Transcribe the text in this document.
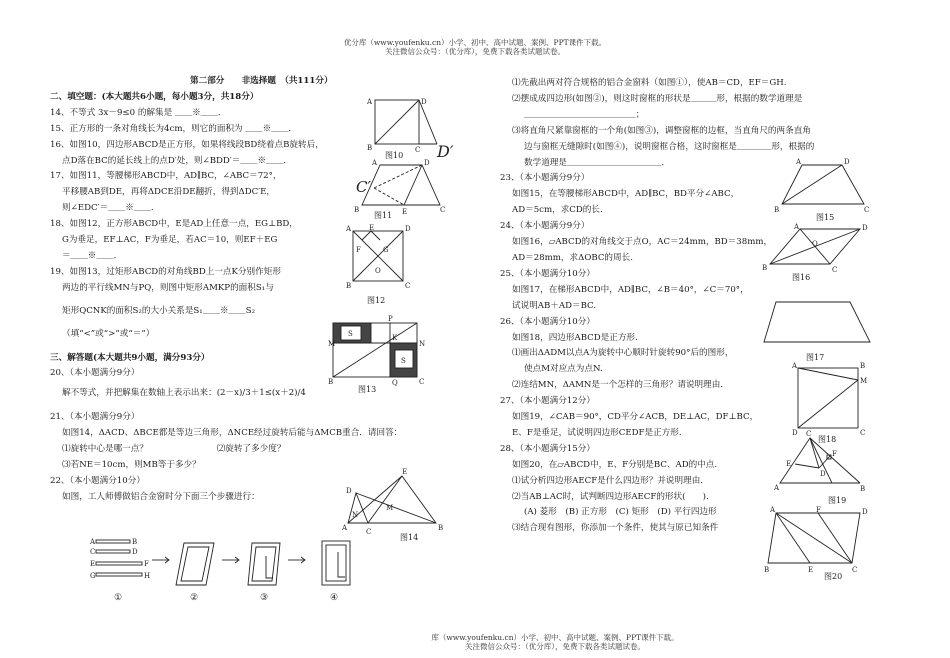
优分库（www.youfenku.cn）小学、初中、高中试题、案例、PPT课件下载。
关注微信公众号：（优分库），免费下载各类试题试卷。
第二部分　　非选择题　（共111分）
二、填空题：(本大题共6小题，每小题3分，共18分）
14、不等式 3x－9≤0 的解集是 ＿＿※＿＿．
15、正方形的一条对角线长为4cm，则它的面积为 ＿＿※＿＿．
16、如图10，四边形ABCD是正方形，如果将线段BD绕着点B旋转后，
点D落在BC的延长线上的点D′处，则∠BDD′＝＿＿※＿＿．
17、如图11，等腰梯形ABCD中，AD∥BC，∠ABC＝72°，
平移腰AB到DE，再将ΔDCE沿DE翻折，得到ΔDC′E，
则∠EDC′＝＿＿※＿＿．
18、如图12，正方形ABCD中，E是AD上任意一点，EG⊥BD，
G为垂足，EF⊥AC，F为垂足，若AC＝10，则EF＋EG
＝＿＿※＿＿．
19、如图13，过矩形ABCD的对角线BD上一点K分别作矩形
两边的平行线MN与PQ，则图中矩形AMKP的面积S₁与
矩形QCNK的面积S₂的大小关系是S₁＿＿※＿＿S₂
（填“<”或“>”或“＝”）
三、解答题(本大题共9小题，满分93分）
20、（本小题满分9分）
解不等式，并把解集在数轴上表示出来：(2－x)/3＋1≤(x＋2)/4
21、（本小题满分9分）
如图14，ΔACD、ΔBCE都是等边三角形，ΔNCE经过旋转后能与ΔMCB重合．请回答：
⑴旋转中心是哪一点？　　　　　　　　⑵旋转了多少度？
⑶若NE＝10cm，则MB等于多少？
22、（本小题满分10分）
如图，工人师傅做铝合金窗时分下面三个步骤进行：
⑴先截出两对符合规格的铝合金窗料（如图①），使AB＝CD，EF＝GH.
⑵摆成成四边形(如图②)，则这时窗框的形状是＿＿＿形，根据的数学道理是
＿＿＿＿＿＿＿＿＿＿＿＿＿；
⑶将直角尺紧靠窗框的一个角(如图③)，调整窗框的边框，当直角尺的两条直角
边与窗框无缝隙时(如图④)，说明窗框合格，这时窗框是＿＿＿＿形，根据的
数学道理是＿＿＿＿＿＿＿＿＿＿＿．
23、（本小题满分9分）
如图15，在等腰梯形ABCD中，AD∥BC，BD平分∠ABC，
AD＝5cm，求CD的长.
24、（本小题满分9分）
如图16，▱ABCD的对角线交于点O，AC＝24mm，BD＝38mm，
AD＝28mm，求ΔOBC的周长.
25、（本小题满分10分）
如图17，在梯形ABCD中，AD∥BC，∠B＝40°，∠C＝70°，
试说明AB＋AD＝BC.
26、（本小题满分10分）
如图18，四边形ABCD是正方形.
⑴画出ΔADM以点A为旋转中心顺时针旋转90°后的图形，
使点M对应点为点N.
⑵连结MN，ΔAMN是一个怎样的三角形？请说明理由.
27、（本小题满分12分）
如图19，∠CAB＝90°，CD平分∠ACB，DE⊥AC，DF⊥BC，
E、F是垂足，试说明四边形CEDF是正方形.
28、（本小题满分15分）
如图20，在▱ABCD中，E、F分别是BC、AD的中点.
⑴试分析四边形AECF是什么四边形？并说明理由.
⑵当AB⊥AC时，试判断四边形AECF的形状(　　).
(A) 菱形　(B) 正方形　(C) 矩形　(D) 平行四边形
⑶结合现有图形，你添加一个条件，使其与原已知条件
库（www.youfenku.cn）小学、初中、高中试题、案例、PPT课件下载。
关注微信公众号：（优分库），免费下载各类试题试卷。
A	D
B	C D′
图10
A	D
B	E	C
C′
图11
A	E	D
F	G
O
B	C
图12
S
S
M	N
P
Q
B	C
K
图13
D
E
A	C	B
N
M
图14
A	B
C	D
E	F
G	H
①	②	③	④
A	D
B	C
图15
A	D
B	C
O
图16
图17
A	B
M
D	C
图18
C
E
F
D
A	B
图19
A	F	D
B	E	C
图20
